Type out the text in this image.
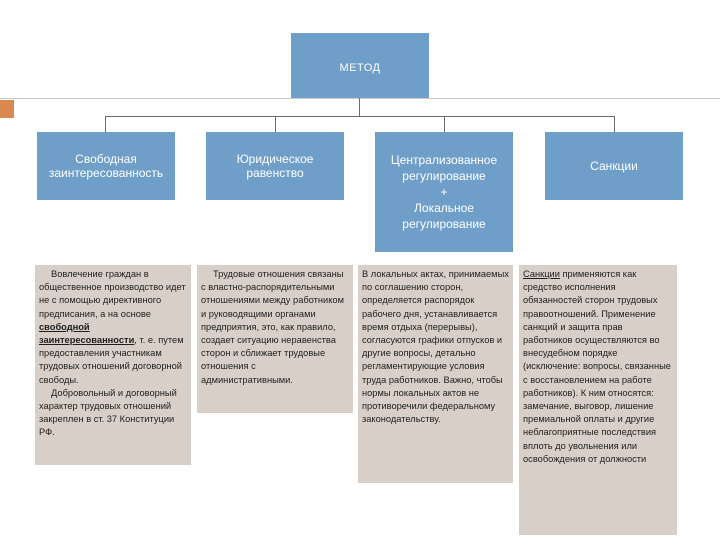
МЕТОД
Свободная
заинтересованность
Юридическое
равенство
Централизованное
регулирование
+
Локальное
регулирование
Санкции

Вовлечение граждан в общественное производство идет не с помощью директивного предписания, а на основе свободной заинтересованности, т. е. путем предоставления участникам трудовых отношений договорной свободы.

Добровольный и договорный характер трудовых отношений закреплен в ст. 37 Конституции РФ.

Трудовые отношения связаны с властно-распорядительными отношениями между работником и руководящими органами предприятия, это, как правило, создает ситуацию неравенства сторон и сближает трудовые отношения с административными.

В локальных актах, принимаемых по соглашению сторон, определяется распорядок рабочего дня, устанавливается время отдыха (перерывы), согласуются графики отпусков и другие вопросы, детально регламентирующие условия труда работников. Важно, чтобы нормы локальных актов не противоречили федеральному законодательству.

Санкции применяются как средство исполнения обязанностей сторон трудовых правоотношений. Применение санкций и защита прав работников осуществляются во внесудебном порядке (исключение: вопросы, связанные с восстановлением на работе работников). К ним относятся: замечание, выговор, лишение премиальной оплаты и другие неблагоприятные последствия вплоть до увольнения или освобождения от должности
